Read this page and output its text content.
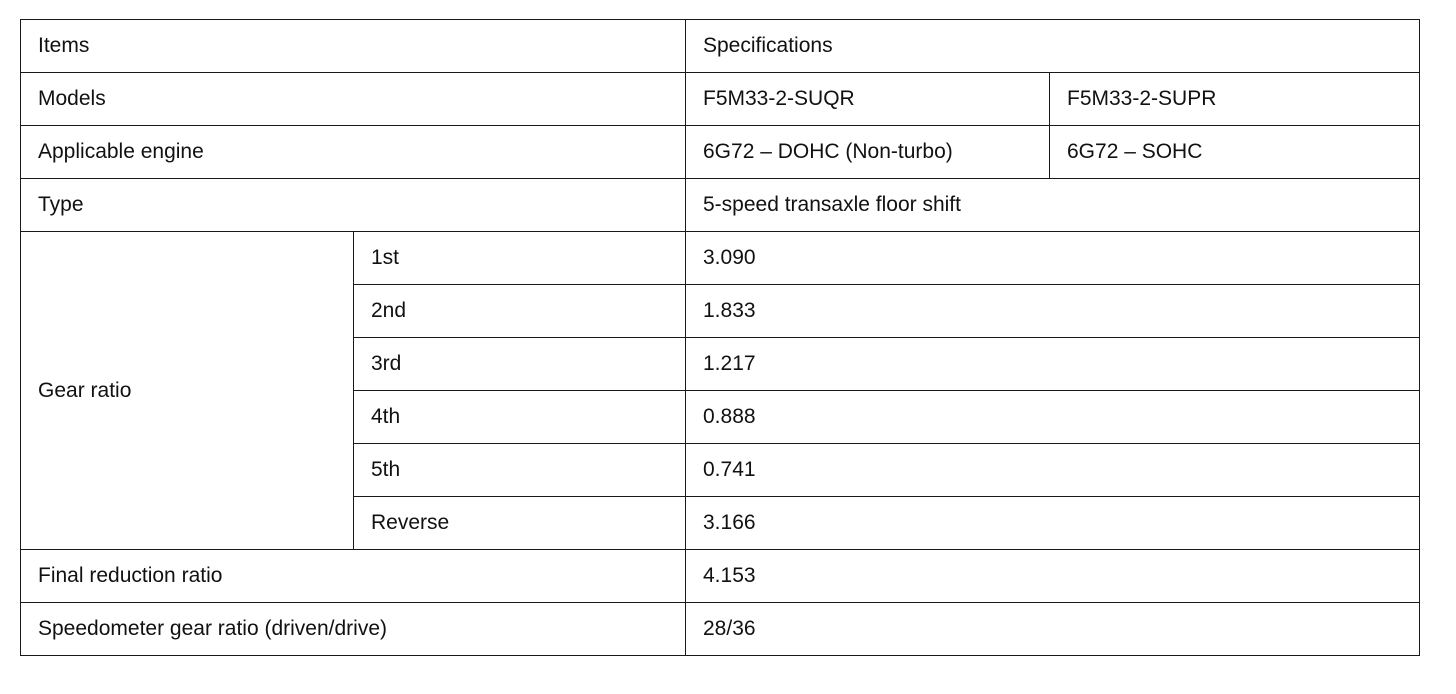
Items		Specifications	
Models		F5M33-2-SUQR	F5M33-2-SUPR
Applicable engine		6G72 – DOHC (Non-turbo)	6G72 – SOHC
Type		5-speed transaxle floor shift	
Gear ratio	1st	3.090	
	2nd	1.833	
	3rd	1.217	
	4th	0.888	
	5th	0.741	
	Reverse	3.166	
Final reduction ratio		4.153	
Speedometer gear ratio (driven/drive)		28/36	
